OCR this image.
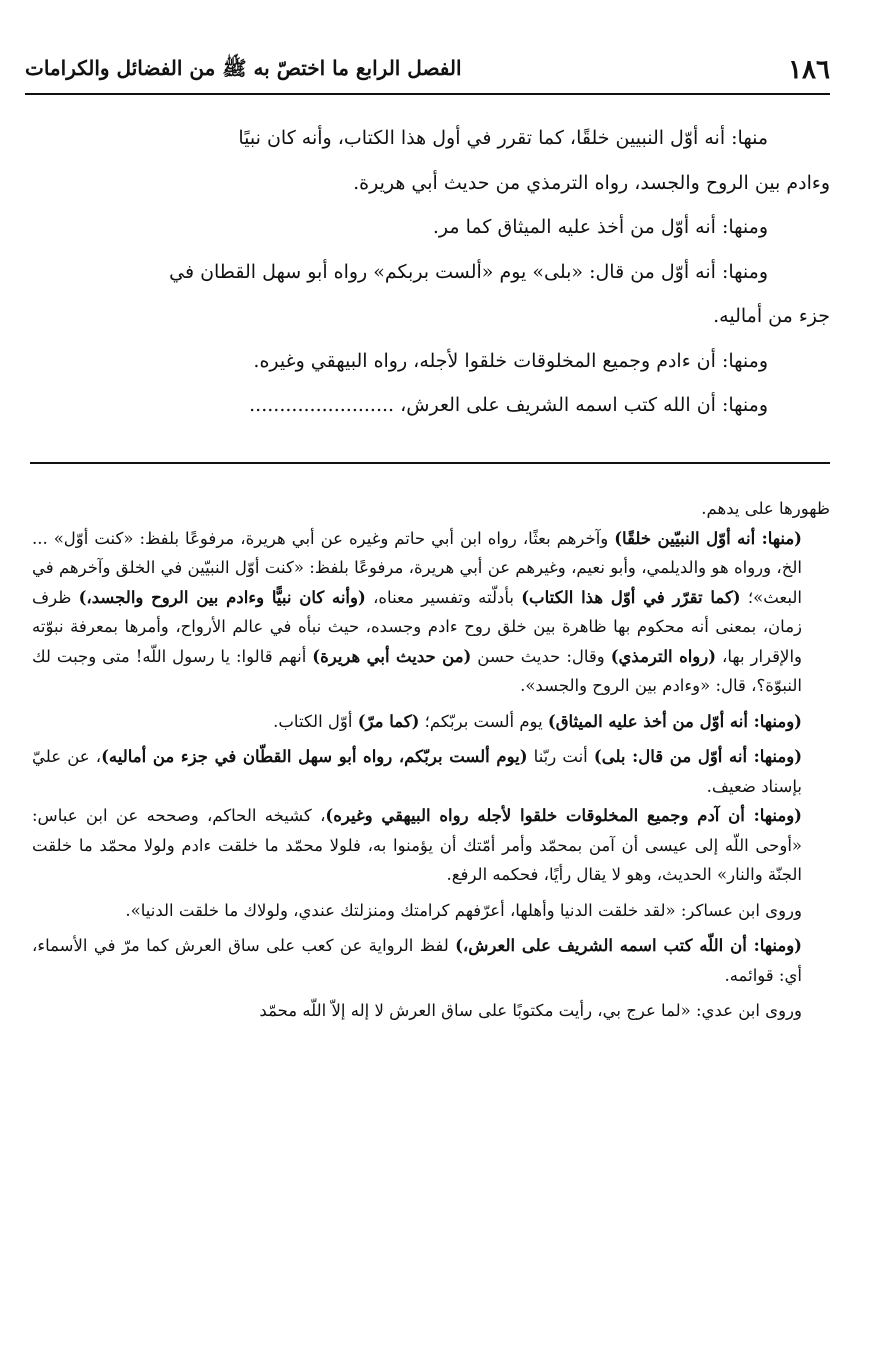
١٨٦
الفصل الرابع ما اختصّ به ﷺ من الفضائل والكرامات

منها: أنه أوّل النبيين خلقًا، كما تقرر في أول هذا الكتاب، وأنه كان نبيًا

وءادم بين الروح والجسد، رواه الترمذي من حديث أبي هريرة.

ومنها: أنه أوّل من أخذ عليه الميثاق كما مر.

ومنها: أنه أوّل من قال: «بلى» يوم «ألست بربكم» رواه أبو سهل القطان في

جزء من أماليه.

ومنها: أن ءادم وجميع المخلوقات خلقوا لأجله، رواه البيهقي وغيره.

ومنها: أن الله كتب اسمه الشريف على العرش، ........................

ظهورها على يدهم.

(منها: أنه أوّل النبيّين خلقًا) وآخرهم بعثًا، رواه ابن أبي حاتم وغيره عن أبي هريرة، مرفوعًا بلفظ: «كنت أوّل» ... الخ، ورواه هو والديلمي، وأبو نعيم، وغيرهم عن أبي هريرة، مرفوعًا بلفظ: «كنت أوّل النبيّين في الخلق وآخرهم في البعث»؛ (كما تقرّر في أوّل هذا الكتاب) بأدلّته وتفسير معناه، (وأنه كان نبيًّا وءادم بين الروح والجسد،) ظرف زمان، بمعنى أنه محكوم بها ظاهرة بين خلق روح ءادم وجسده، حيث نبأه في عالم الأرواح، وأمرها بمعرفة نبوّته والإقرار بها، (رواه الترمذي) وقال: حديث حسن (من حديث أبي هريرة) أنهم قالوا: يا رسول اللّه! متى وجبت لك النبوّة؟، قال: «وءادم بين الروح والجسد».

(ومنها: أنه أوّل من أخذ عليه الميثاق) يوم ألست بربّكم؛ (كما مرّ) أوّل الكتاب.

(ومنها: أنه أوّل من قال: بلى) أنت ربّنا (يوم ألست بربّكم، رواه أبو سهل القطّان في جزء من أماليه)، عن عليّ بإسناد ضعيف.

(ومنها: أن آدم وجميع المخلوقات خلقوا لأجله رواه البيهقي وغيره)، كشيخه الحاكم، وصححه عن ابن عباس: «أوحى اللّه إلى عيسى أن آمن بمحمّد وأمر أمّتك أن يؤمنوا به، فلولا محمّد ما خلقت ءادم ولولا محمّد ما خلقت الجنّة والنار» الحديث، وهو لا يقال رأيًا، فحكمه الرفع.

وروى ابن عساكر: «لقد خلقت الدنيا وأهلها، أعرّفهم كرامتك ومنزلتك عندي، ولولاك ما خلقت الدنيا».

(ومنها: أن اللّه كتب اسمه الشريف على العرش،) لفظ الرواية عن كعب على ساق العرش كما مرّ في الأسماء، أي: قوائمه.

وروى ابن عدي: «لما عرج بي، رأيت مكتوبًا على ساق العرش لا إله إلاّ اللّه محمّد
